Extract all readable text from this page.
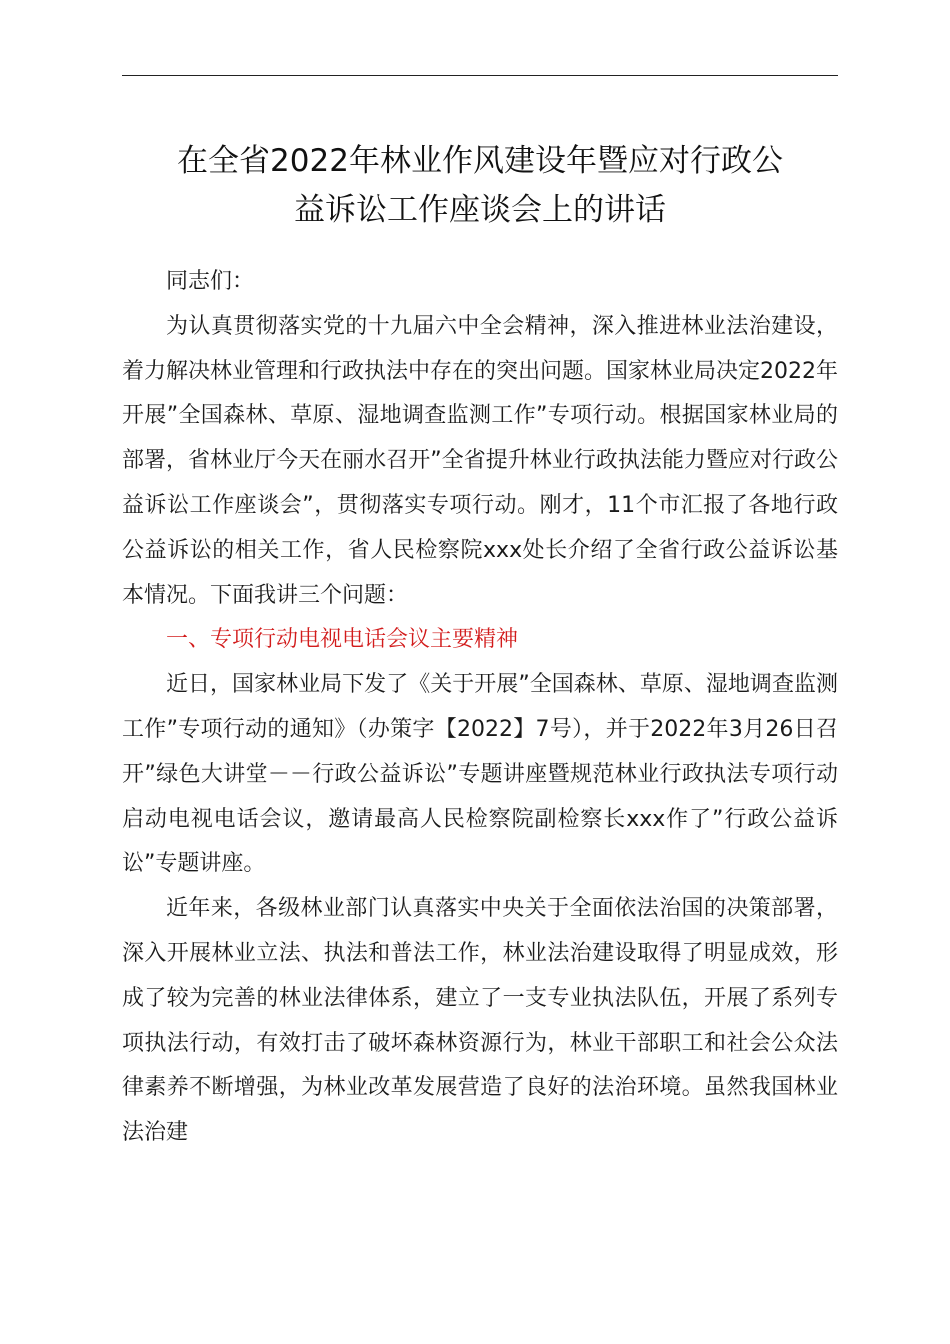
在全省2022年林业作风建设年暨应对行政公
益诉讼工作座谈会上的讲话

同志们：

为认真贯彻落实党的十九届六中全会精神，深入推进林业法治建设，着力解决林业管理和行政执法中存在的突出问题。国家林业局决定2022年开展”全国森林、草原、湿地调查监测工作”专项行动。根据国家林业局的部署，省林业厅今天在丽水召开”全省提升林业行政执法能力暨应对行政公益诉讼工作座谈会”，贯彻落实专项行动。刚才，11个市汇报了各地行政公益诉讼的相关工作，省人民检察院xxx处长介绍了全省行政公益诉讼基本情况。下面我讲三个问题：

一、专项行动电视电话会议主要精神

近日，国家林业局下发了《关于开展”全国森林、草原、湿地调查监测工作”专项行动的通知》（办策字【2022】7号），并于2022年3月26日召开”绿色大讲堂－－行政公益诉讼”专题讲座暨规范林业行政执法专项行动启动电视电话会议，邀请最高人民检察院副检察长xxx作了”行政公益诉讼”专题讲座。

近年来，各级林业部门认真落实中央关于全面依法治国的决策部署，深入开展林业立法、执法和普法工作，林业法治建设取得了明显成效，形成了较为完善的林业法律体系，建立了一支专业执法队伍，开展了系列专项执法行动，有效打击了破坏森林资源行为，林业干部职工和社会公众法律素养不断增强，为林业改革发展营造了良好的法治环境。虽然我国林业法治建
